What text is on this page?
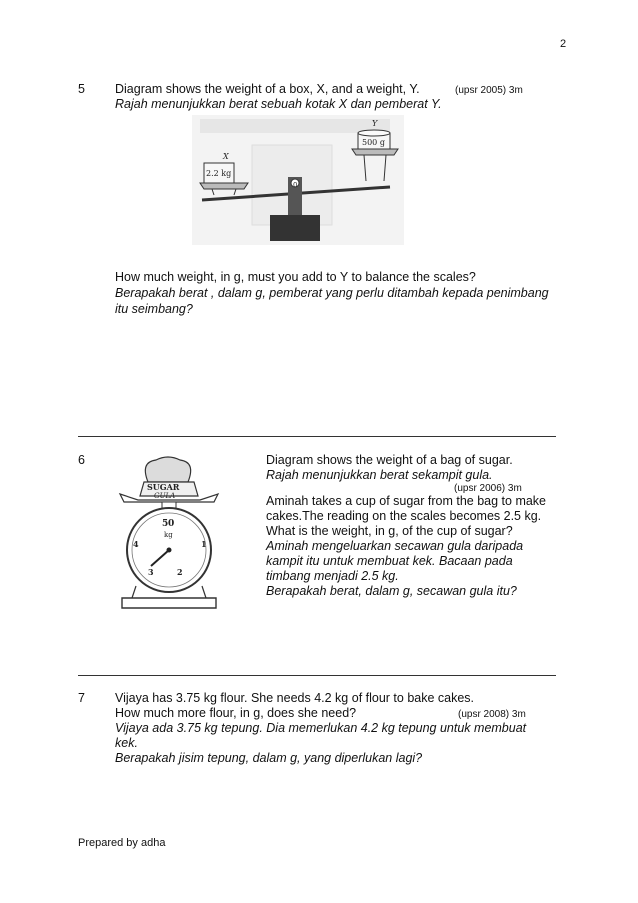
2
5 Diagram shows the weight of a box, X, and a weight, Y.	(upsr 2005) 3m
Rajah menunjukkan berat sebuah kotak X dan pemberat Y.
0
2.2 kg
X
500 g
Y
How much weight, in g, must you add to Y to balance the scales?
Berapakah berat , dalam g, pemberat yang perlu ditambah kepada penimbang
itu seimbang?
6
SUGAR
GULA
5 0
kg
1
2
3
4
Diagram shows the weight of a bag of sugar.
Rajah menunjukkan berat sekampit gula.
(upsr 2006) 3m
Aminah takes a cup of sugar from the bag to make
cakes.The reading on the scales becomes 2.5 kg.
What is the weight, in g, of the cup of sugar?
Aminah mengeluarkan secawan gula daripada
kampit itu untuk membuat kek. Bacaan pada
timbang menjadi 2.5 kg.
Berapakah berat, dalam g, secawan gula itu?
7 Vijaya has 3.75 kg flour. She needs 4.2 kg of flour to bake cakes.
How much more flour, in g, does she need?	(upsr 2008) 3m
Vijaya ada 3.75 kg tepung. Dia memerlukan 4.2 kg tepung untuk membuat
kek.
Berapakah jisim tepung, dalam g, yang diperlukan lagi?
Prepared by adha
